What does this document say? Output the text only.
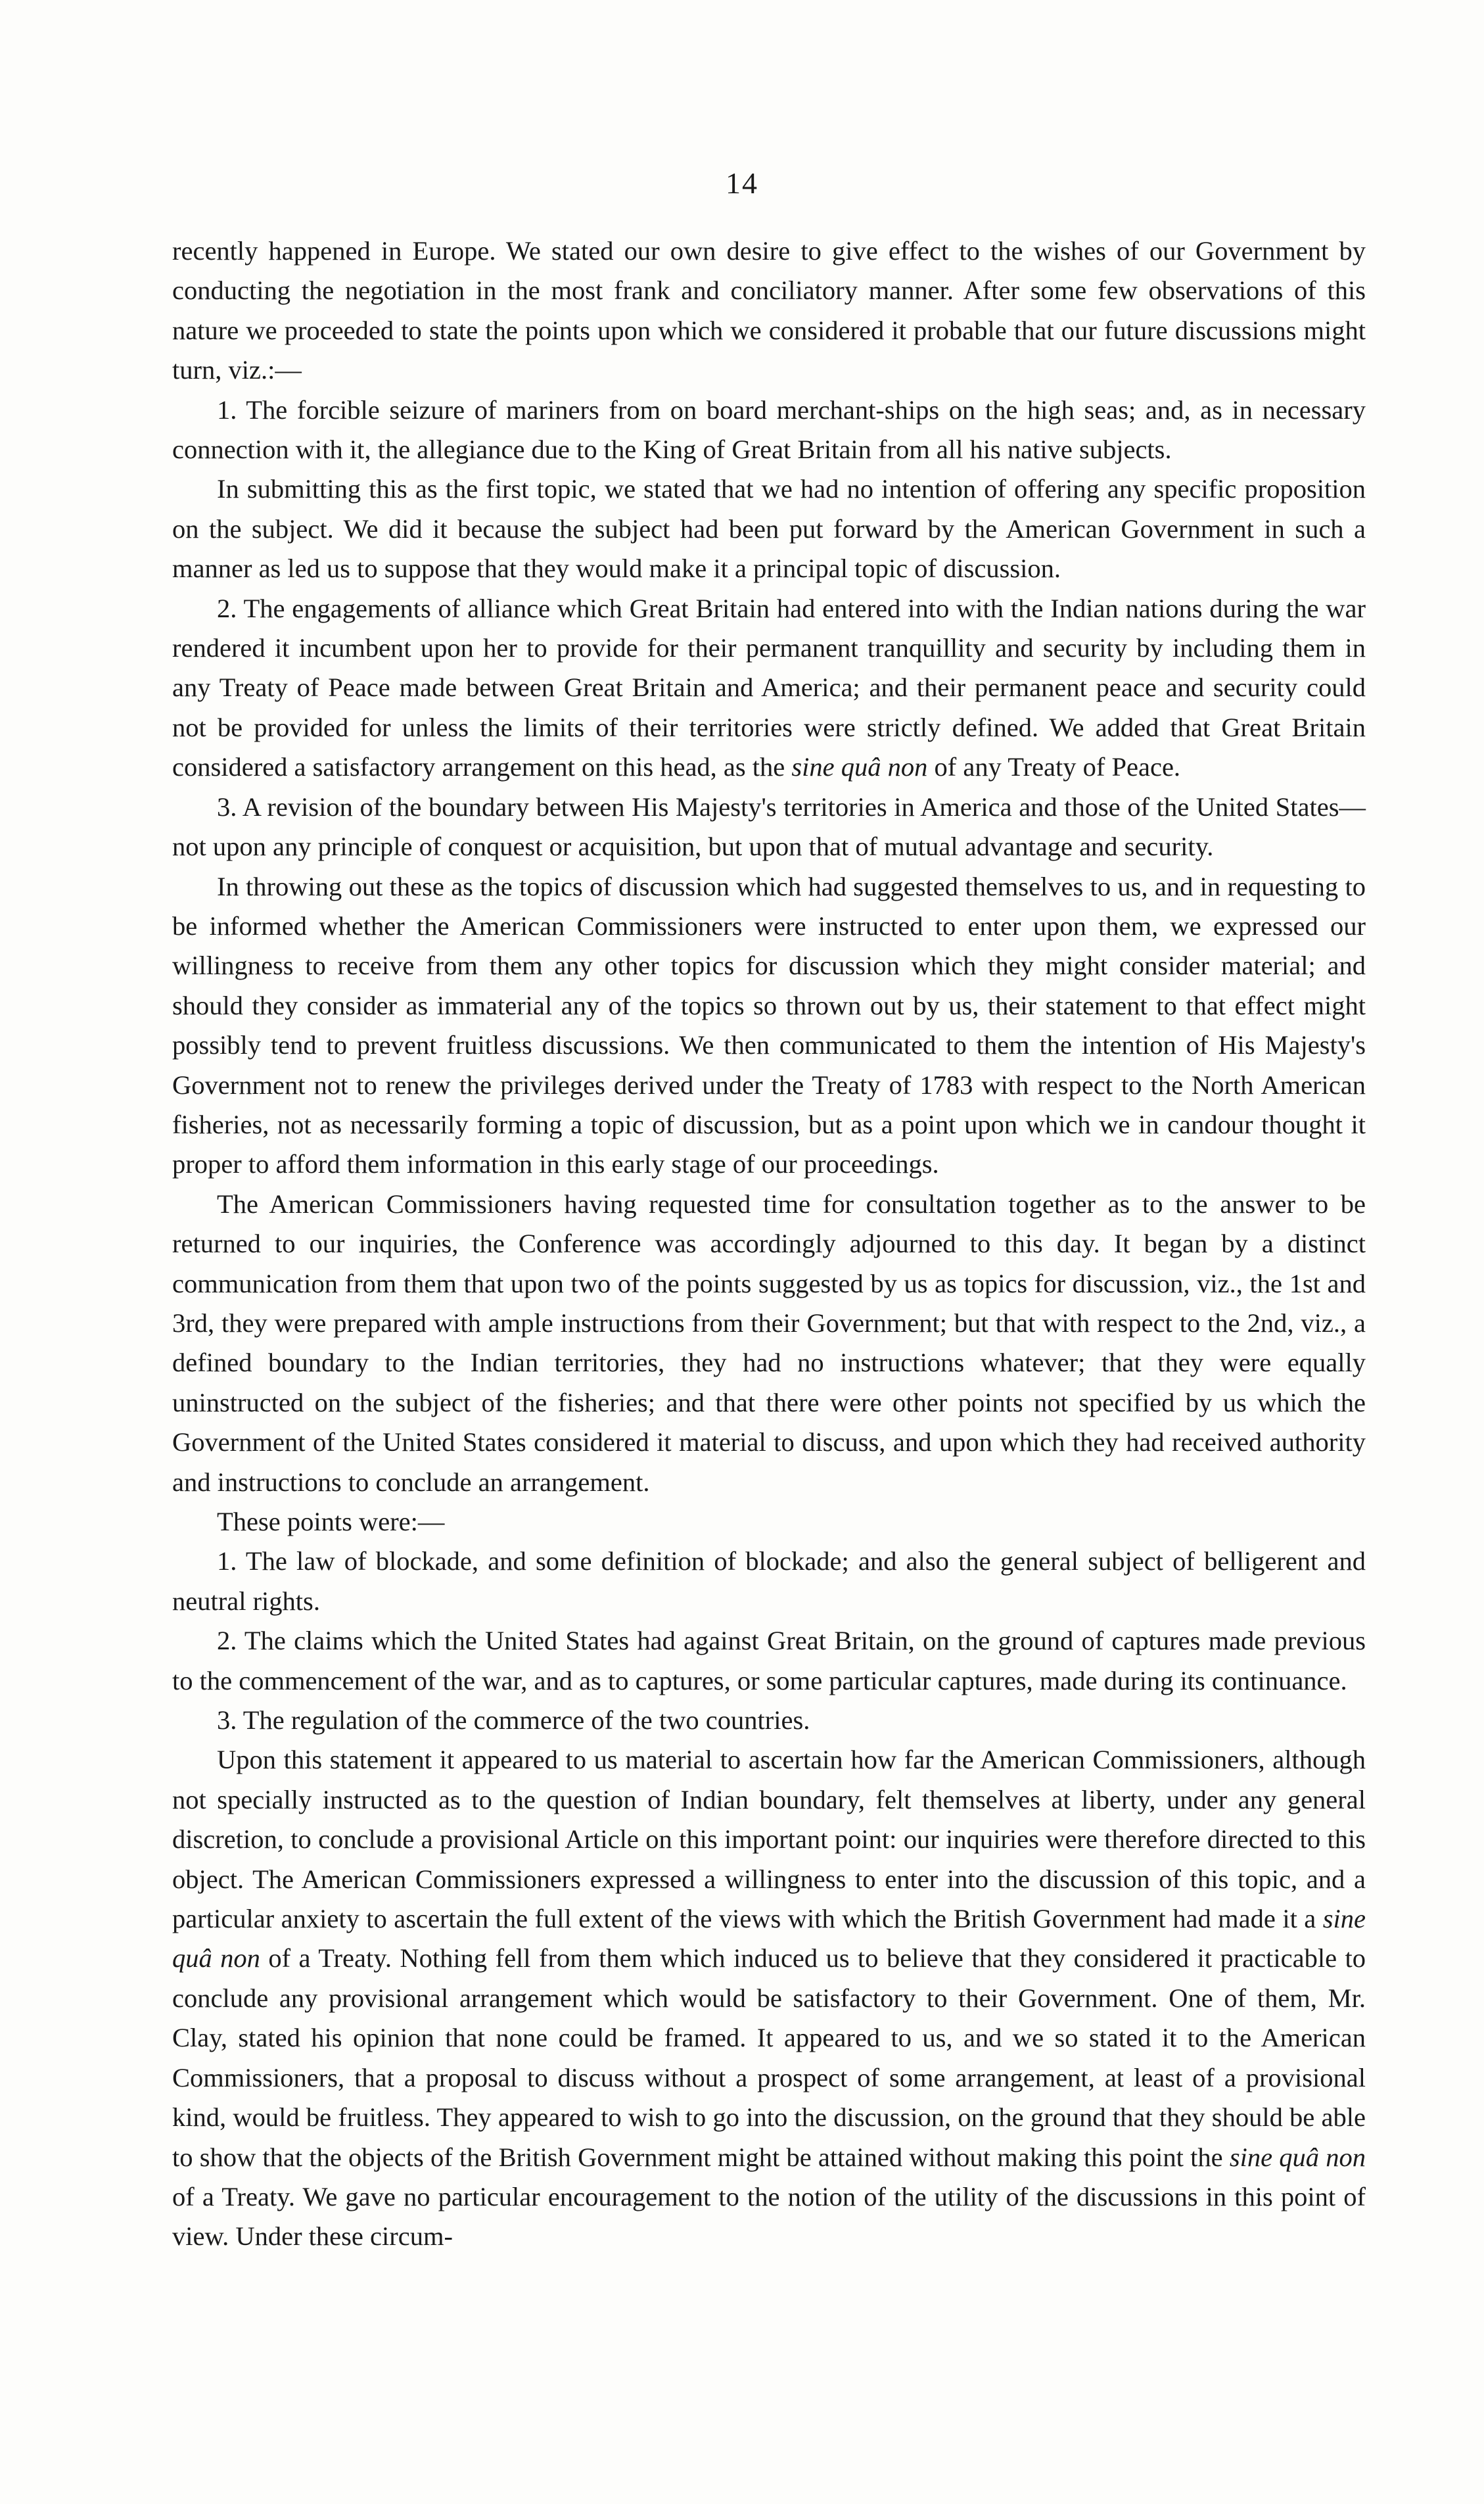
14

recently happened in Europe. We stated our own desire to give effect to the wishes of our Government by conducting the negotiation in the most frank and conciliatory manner. After some few observations of this nature we proceeded to state the points upon which we considered it probable that our future discussions might turn, viz.:—

1. The forcible seizure of mariners from on board merchant-ships on the high seas; and, as in necessary connection with it, the allegiance due to the King of Great Britain from all his native subjects.

In submitting this as the first topic, we stated that we had no intention of offering any specific proposition on the subject. We did it because the subject had been put forward by the American Government in such a manner as led us to suppose that they would make it a principal topic of discussion.

2. The engagements of alliance which Great Britain had entered into with the Indian nations during the war rendered it incumbent upon her to provide for their permanent tranquillity and security by including them in any Treaty of Peace made between Great Britain and America; and their permanent peace and security could not be provided for unless the limits of their territories were strictly defined. We added that Great Britain considered a satisfactory arrangement on this head, as the sine quâ non of any Treaty of Peace.

3. A revision of the boundary between His Majesty's territories in America and those of the United States—not upon any principle of conquest or acquisition, but upon that of mutual advantage and security.

In throwing out these as the topics of discussion which had suggested themselves to us, and in requesting to be informed whether the American Commissioners were instructed to enter upon them, we expressed our willingness to receive from them any other topics for discussion which they might consider material; and should they consider as immaterial any of the topics so thrown out by us, their statement to that effect might possibly tend to prevent fruitless discussions. We then communicated to them the intention of His Majesty's Government not to renew the privileges derived under the Treaty of 1783 with respect to the North American fisheries, not as necessarily forming a topic of discussion, but as a point upon which we in candour thought it proper to afford them information in this early stage of our proceedings.

The American Commissioners having requested time for consultation together as to the answer to be returned to our inquiries, the Conference was accordingly adjourned to this day. It began by a distinct communication from them that upon two of the points suggested by us as topics for discussion, viz., the 1st and 3rd, they were prepared with ample instructions from their Government; but that with respect to the 2nd, viz., a defined boundary to the Indian territories, they had no instructions whatever; that they were equally uninstructed on the subject of the fisheries; and that there were other points not specified by us which the Government of the United States considered it material to discuss, and upon which they had received authority and instructions to conclude an arrangement.

These points were:—

1. The law of blockade, and some definition of blockade; and also the general subject of belligerent and neutral rights.

2. The claims which the United States had against Great Britain, on the ground of captures made previous to the commencement of the war, and as to captures, or some particular captures, made during its continuance.

3. The regulation of the commerce of the two countries.

Upon this statement it appeared to us material to ascertain how far the American Commissioners, although not specially instructed as to the question of Indian boundary, felt themselves at liberty, under any general discretion, to conclude a provisional Article on this important point: our inquiries were therefore directed to this object. The American Commissioners expressed a willingness to enter into the discussion of this topic, and a particular anxiety to ascertain the full extent of the views with which the British Government had made it a sine quâ non of a Treaty. Nothing fell from them which induced us to believe that they considered it practicable to conclude any provisional arrangement which would be satisfactory to their Government. One of them, Mr. Clay, stated his opinion that none could be framed. It appeared to us, and we so stated it to the American Commissioners, that a proposal to discuss without a prospect of some arrangement, at least of a provisional kind, would be fruitless. They appeared to wish to go into the discussion, on the ground that they should be able to show that the objects of the British Government might be attained without making this point the sine quâ non of a Treaty. We gave no particular encouragement to the notion of the utility of the discussions in this point of view. Under these circum-
